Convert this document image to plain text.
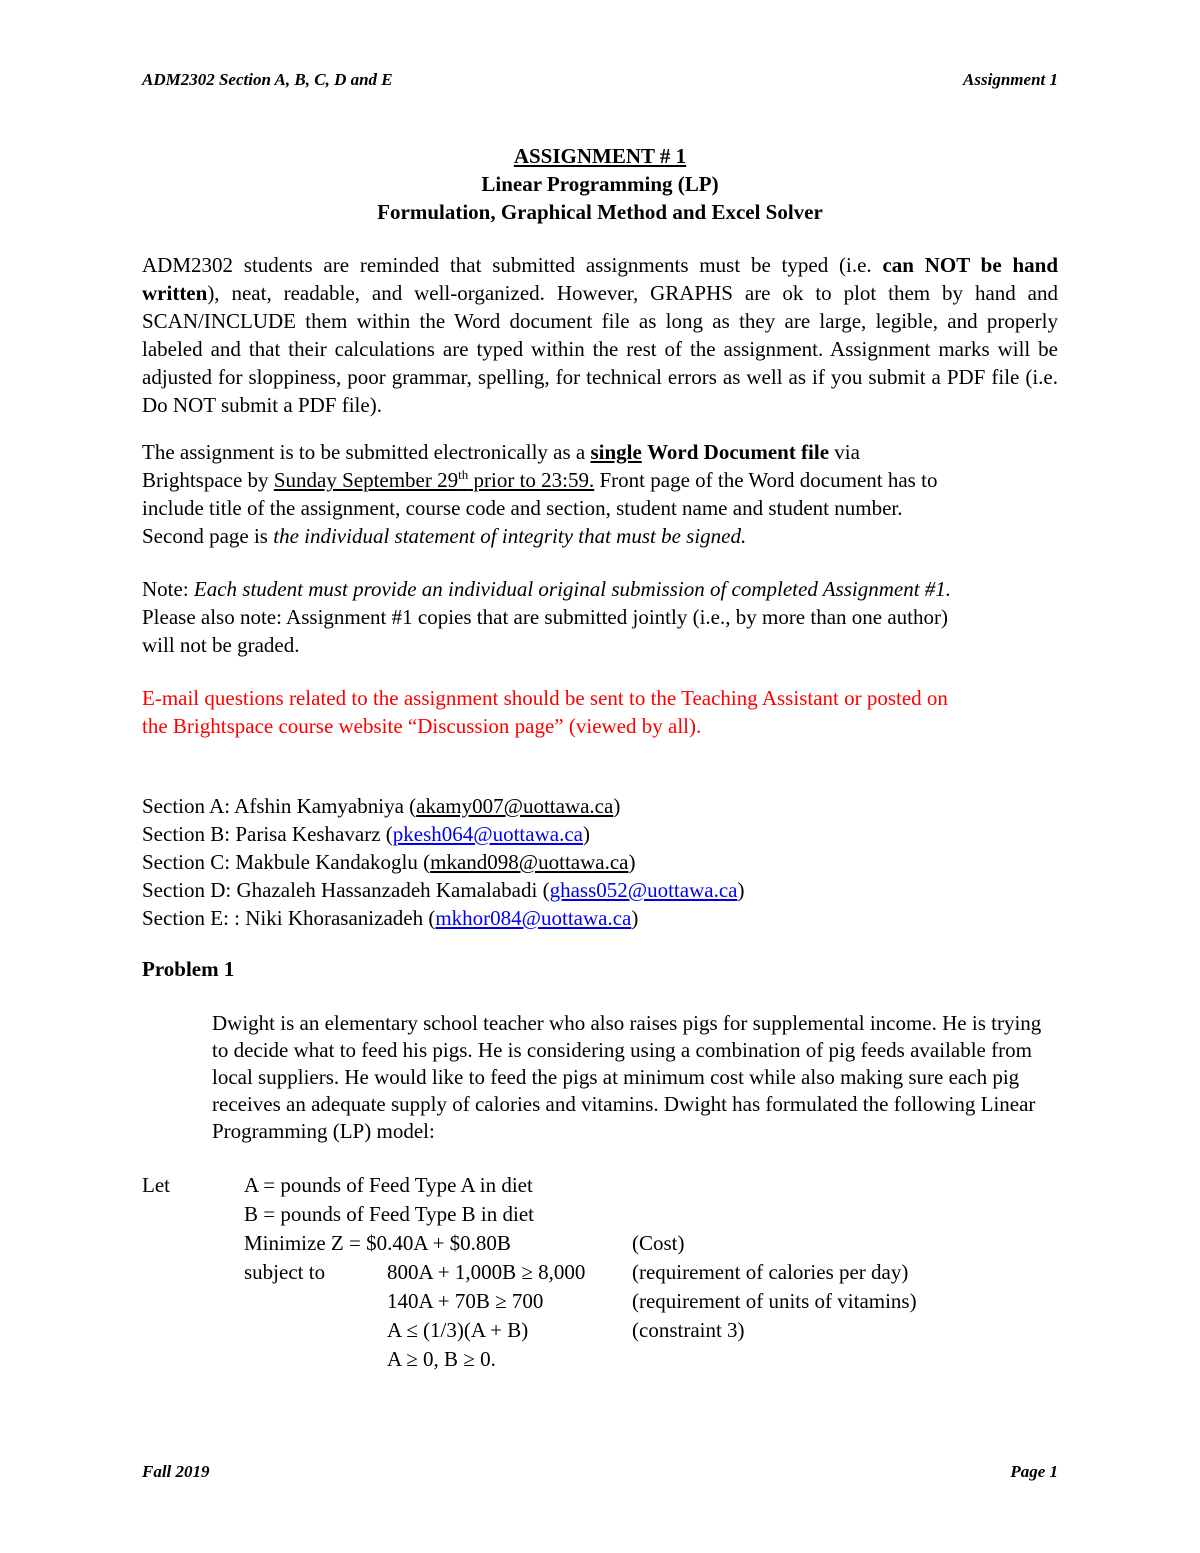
ADM2302 Section A, B, C, D and E	Assignment 1
ASSIGNMENT # 1
Linear Programming (LP)
Formulation, Graphical Method and Excel Solver
ADM2302 students are reminded that submitted assignments must be typed (i.e. can NOT be hand written), neat, readable, and well-organized. However, GRAPHS are ok to plot them by hand and SCAN/INCLUDE them within the Word document file as long as they are large, legible, and properly labeled and that their calculations are typed within the rest of the assignment. Assignment marks will be adjusted for sloppiness, poor grammar, spelling, for technical errors as well as if you submit a PDF file (i.e. Do NOT submit a PDF file).
The assignment is to be submitted electronically as a single Word Document file via
Brightspace by Sunday September 29th prior to 23:59. Front page of the Word document has to
include title of the assignment, course code and section, student name and student number.
Second page is the individual statement of integrity that must be signed.
Note: Each student must provide an individual original submission of completed Assignment #1.
Please also note: Assignment #1 copies that are submitted jointly (i.e., by more than one author)
will not be graded.
E-mail questions related to the assignment should be sent to the Teaching Assistant or posted on
the Brightspace course website “Discussion page” (viewed by all).
Section A: Afshin Kamyabniya (akamy007@uottawa.ca)
Section B: Parisa Keshavarz (pkesh064@uottawa.ca)
Section C: Makbule Kandakoglu (mkand098@uottawa.ca)
Section D: Ghazaleh Hassanzadeh Kamalabadi (ghass052@uottawa.ca)
Section E: : Niki Khorasanizadeh (mkhor084@uottawa.ca)
Problem 1
Dwight is an elementary school teacher who also raises pigs for supplemental income. He is trying to decide what to feed his pigs. He is considering using a combination of pig feeds available from local suppliers. He would like to feed the pigs at minimum cost while also making sure each pig receives an adequate supply of calories and vitamins. Dwight has formulated the following Linear Programming (LP) model:
Let	A = pounds of Feed Type A in diet
B = pounds of Feed Type B in diet
Minimize Z = $0.40A + $0.80B	(Cost)
subject to	800A + 1,000B ≥ 8,000 (requirement of calories per day)
140A + 70B ≥ 700	(requirement of units of vitamins)
A ≤ (1/3)(A + B)	(constraint 3)
A ≥ 0, B ≥ 0.
Fall 2019	Page 1
